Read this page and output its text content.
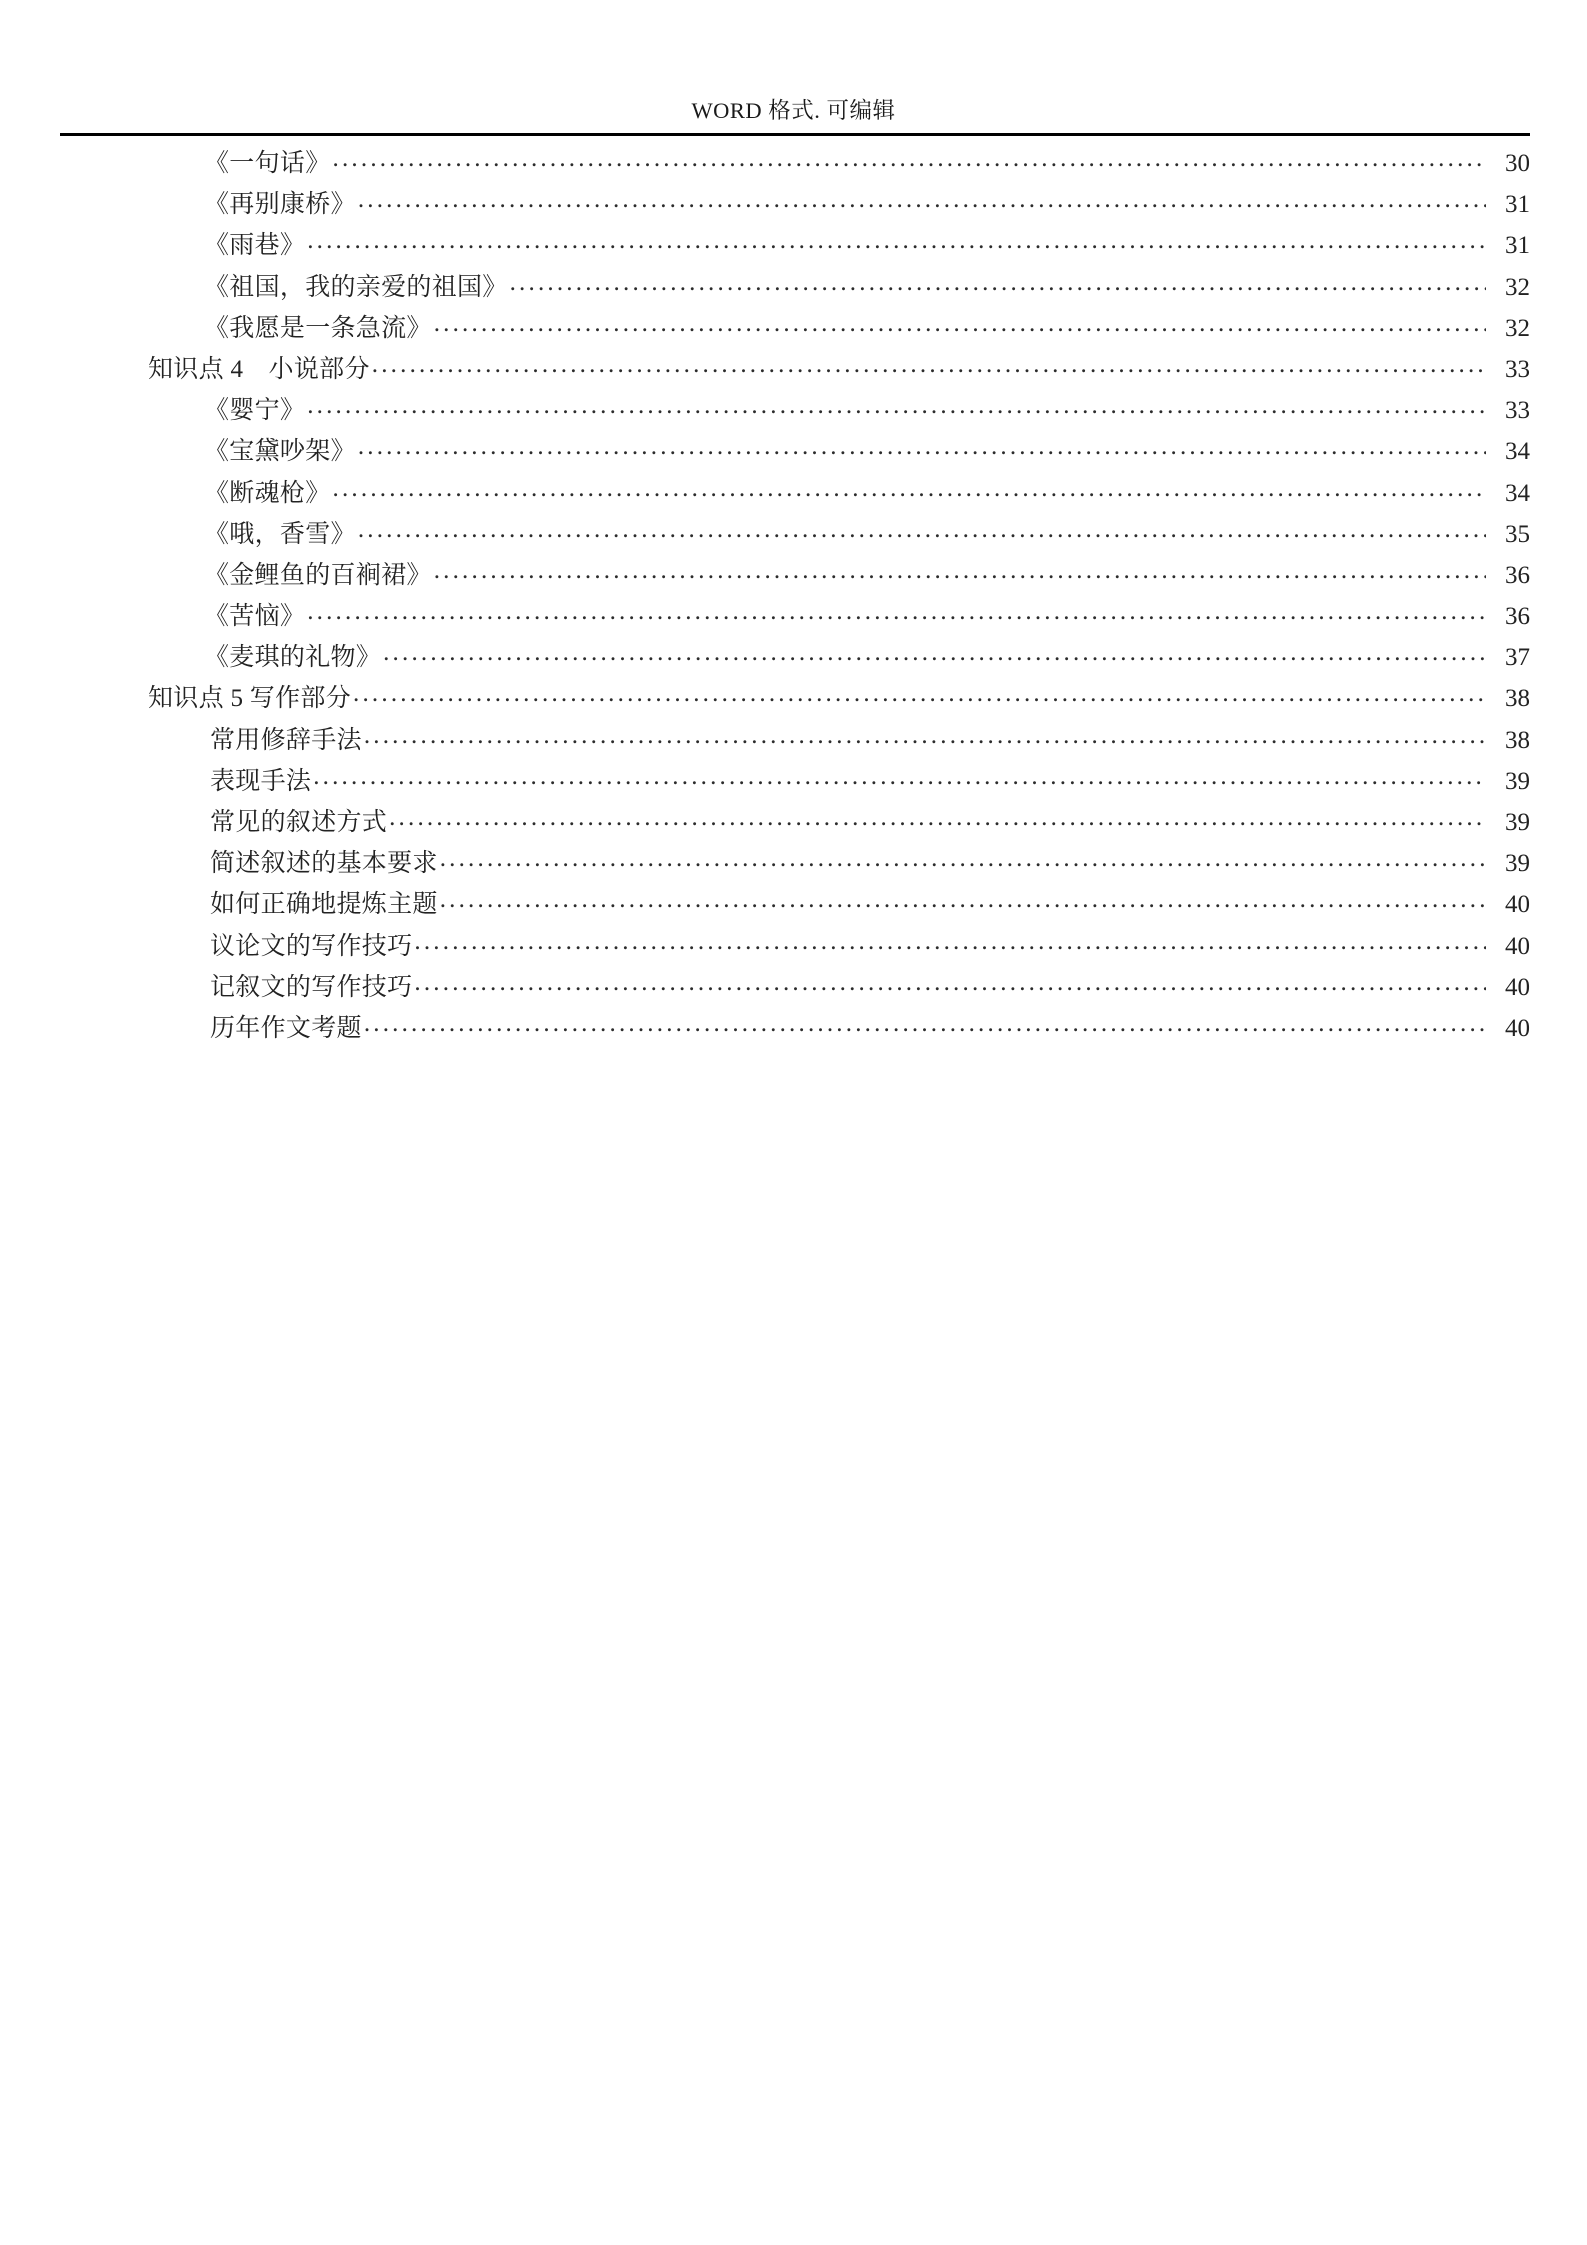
WORD 格式. 可编辑
《一句话》 .....	30
《再别康桥》 .....	31
《雨巷》 .....	31
《祖国，我的亲爱的祖国》 .....	32
《我愿是一条急流》 .....	32
知识点 4　小说部分 .....	33
《婴宁》 .....	33
《宝黛吵架》 .....	34
《断魂枪》 .....	34
《哦，香雪》 .....	35
《金鲤鱼的百裥裙》 .....	36
《苦恼》 .....	36
《麦琪的礼物》 .....	37
知识点 5 写作部分 .....	38
常用修辞手法 .....	38
表现手法 .....	39
常见的叙述方式 .....	39
简述叙述的基本要求 .....	39
如何正确地提炼主题 .....	40
议论文的写作技巧 .....	40
记叙文的写作技巧 .....	40
历年作文考题 .....	40
